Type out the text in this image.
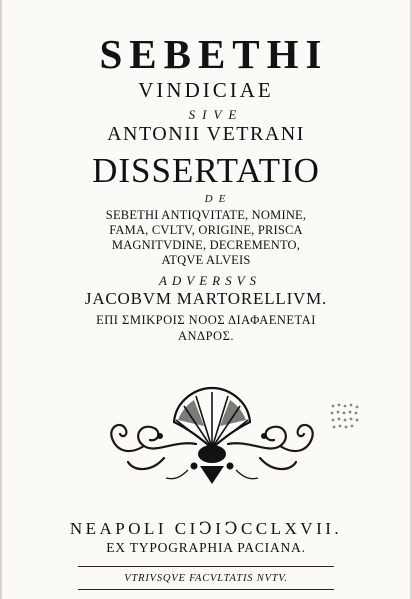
SEBETHI
VINDICIAE
SIVE
ANTONII VETRANI
DISSERTATIO
DE
SEBETHI ANTIQVITATE, NOMINE,
FAMA, CVLTV, ORIGINE, PRISCA
MAGNITVDINE, DECREMENTO,
ATQVE ALVEIS
ADVERSVS
JACOBVM MARTORELLIVM.
ΕΠΙ ΣΜΙΚΡΟΙΣ ΝΟΟΣ ΔΙΑΦΑΕΝΕΤΑΙ
ΑΝΔΡΟΣ.
NEAPOLI CIↃIↃCCLXVII.
EX TYPOGRAPHIA PACIANA.
VTRIVSQVE FACVLTATIS NVTV.
